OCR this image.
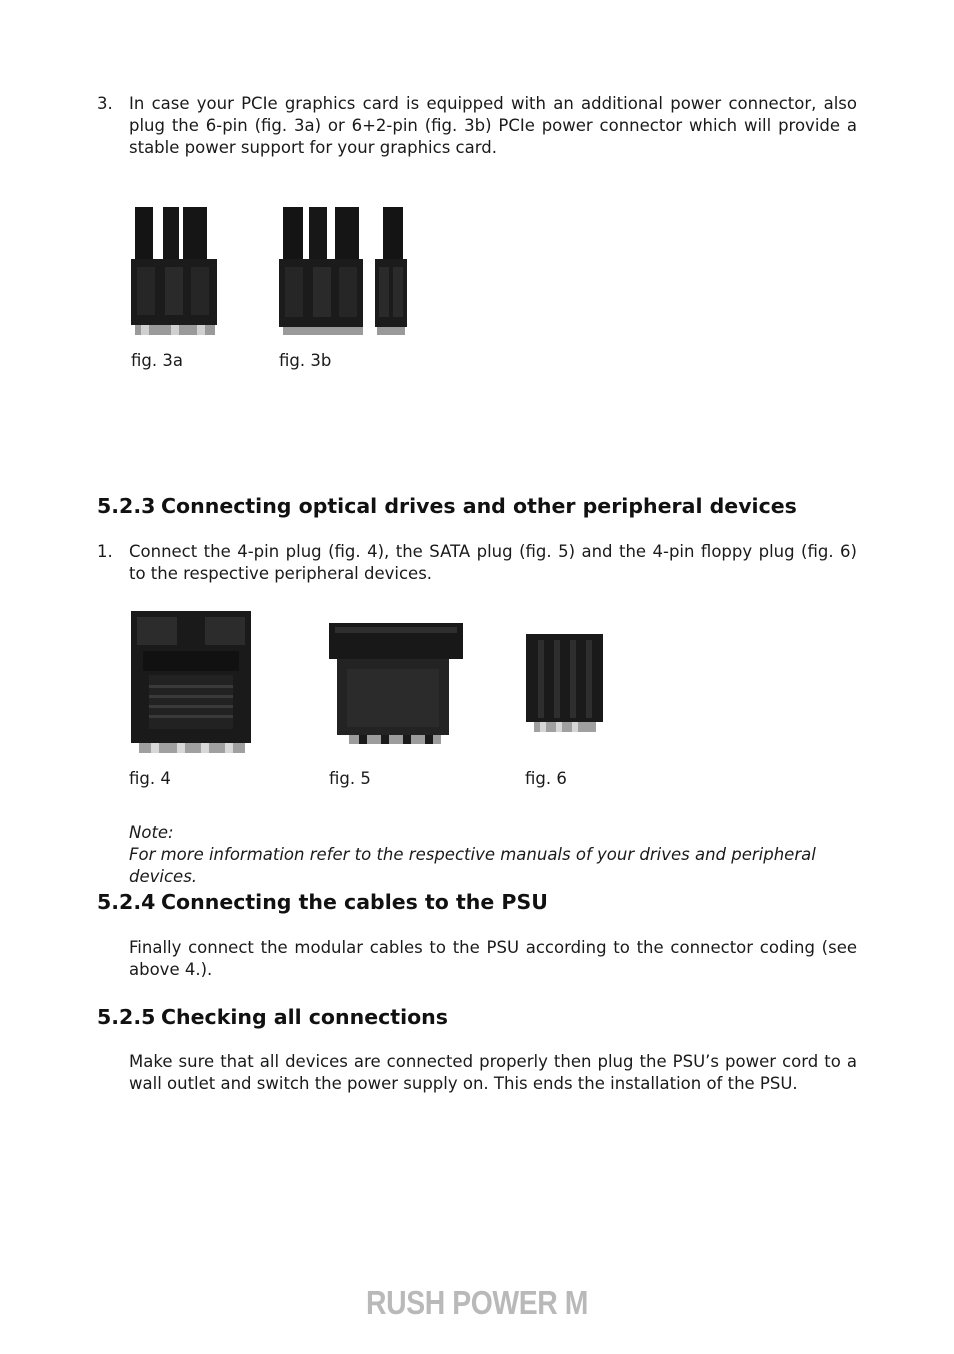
3. In case your PCIe graphics card is equipped with an additional power connector, also plug the 6-pin (fig. 3a) or 6+2-pin (fig. 3b) PCIe power connector which will provide a stable power support for your graphics card.
fig. 3a	fig. 3b
5.2.3 Connecting optical drives and other peripheral devices
1. Connect the 4-pin plug (fig. 4), the SATA plug (fig. 5) and the 4-pin floppy plug (fig. 6) to the respective peripheral devices.
fig. 4	fig. 5	fig. 6
Note:
For more information refer to the respective manuals of your drives and peripheral devices.
5.2.4 Connecting the cables to the PSU
Finally connect the modular cables to the PSU according to the connector coding (see above 4.).
5.2.5 Checking all connections
Make sure that all devices are connected properly then plug the PSU’s power cord to a wall outlet and switch the power supply on. This ends the installation of the PSU.
RUSH POWER M
